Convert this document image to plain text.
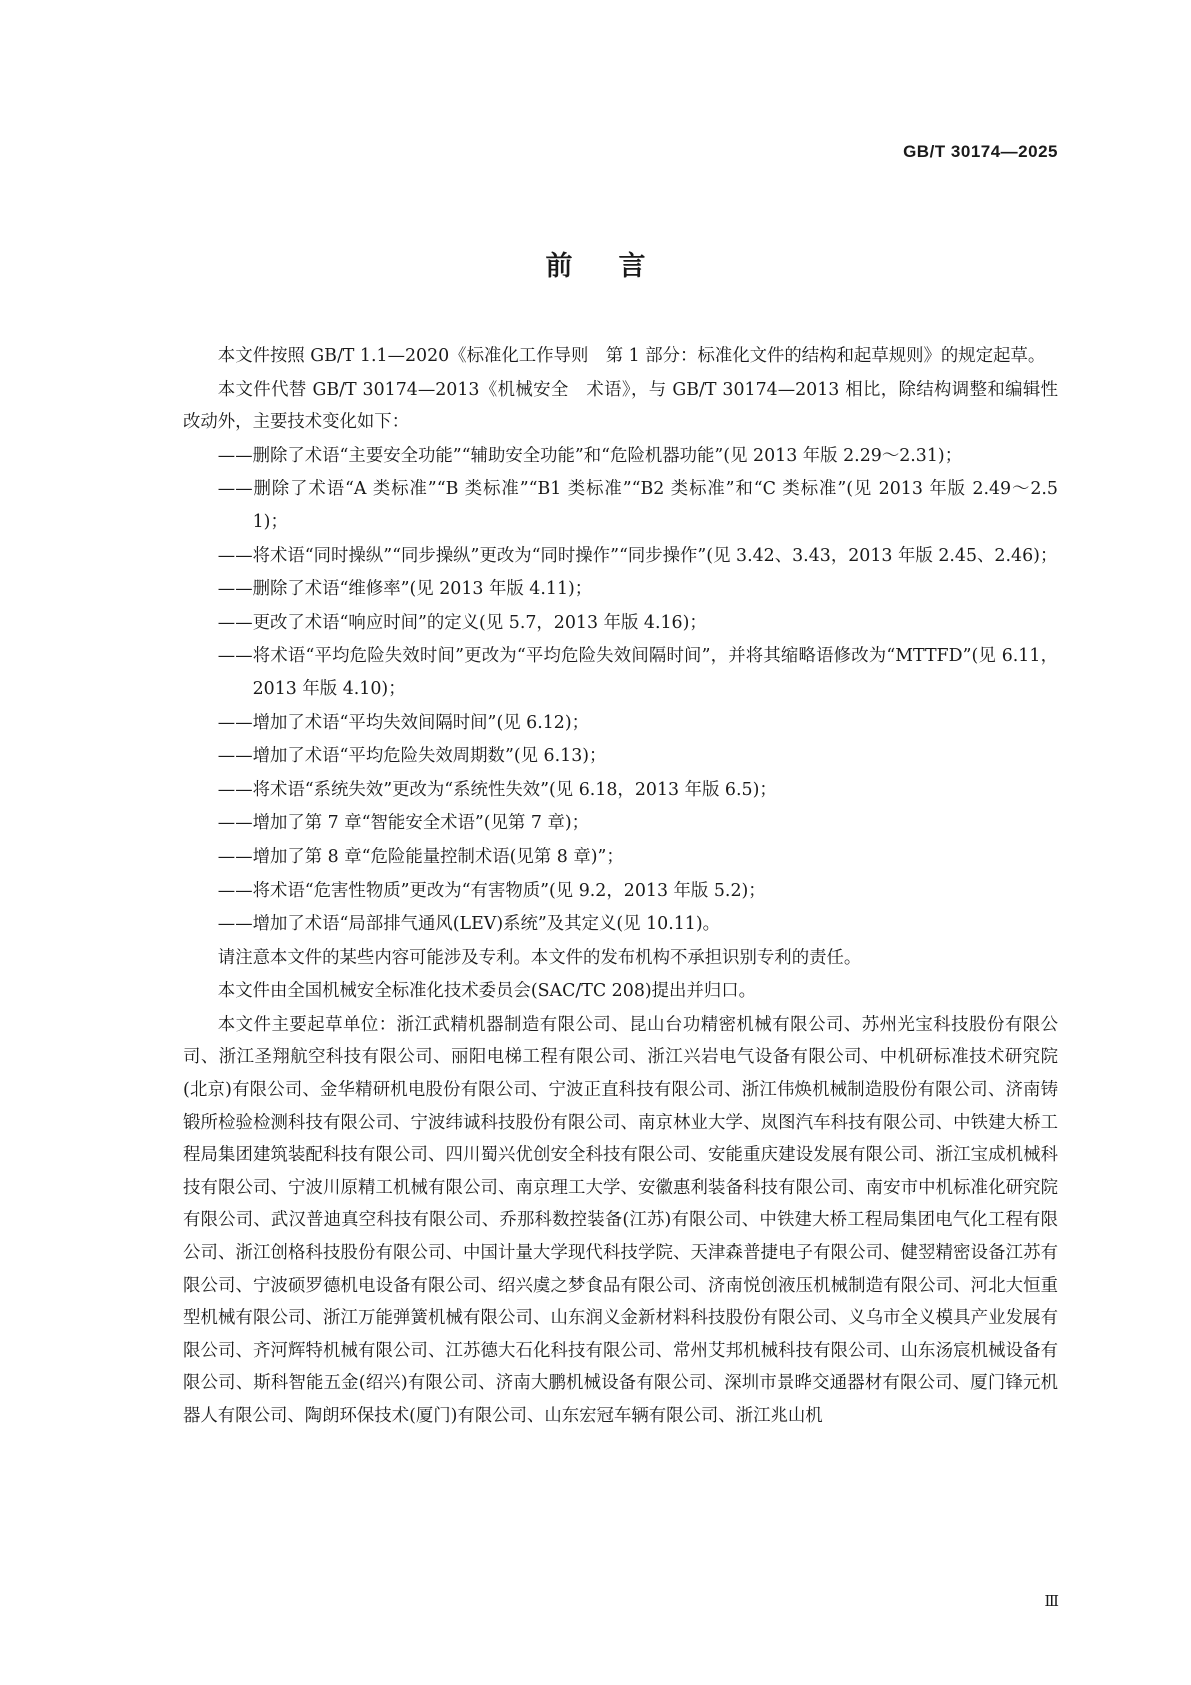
GB/T 30174—2025
前言

本文件按照 GB/T 1.1—2020《标准化工作导则　第 1 部分：标准化文件的结构和起草规则》的规定起草。

本文件代替 GB/T 30174—2013《机械安全　术语》，与 GB/T 30174—2013 相比，除结构调整和编辑性改动外，主要技术变化如下：

——删除了术语“主要安全功能”“辅助安全功能”和“危险机器功能”(见 2013 年版 2.29～2.31)；

——删除了术语“A 类标准”“B 类标准”“B1 类标准”“B2 类标准”和“C 类标准”(见 2013 年版 2.49～2.51)；

——将术语“同时操纵”“同步操纵”更改为“同时操作”“同步操作”(见 3.42、3.43，2013 年版 2.45、2.46)；

——删除了术语“维修率”(见 2013 年版 4.11)；

——更改了术语“响应时间”的定义(见 5.7，2013 年版 4.16)；

——将术语“平均危险失效时间”更改为“平均危险失效间隔时间”，并将其缩略语修改为“MTTFD”(见 6.11，2013 年版 4.10)；

——增加了术语“平均失效间隔时间”(见 6.12)；

——增加了术语“平均危险失效周期数”(见 6.13)；

——将术语“系统失效”更改为“系统性失效”(见 6.18，2013 年版 6.5)；

——增加了第 7 章“智能安全术语”(见第 7 章)；

——增加了第 8 章“危险能量控制术语(见第 8 章)”；

——将术语“危害性物质”更改为“有害物质”(见 9.2，2013 年版 5.2)；

——增加了术语“局部排气通风(LEV)系统”及其定义(见 10.11)。

请注意本文件的某些内容可能涉及专利。本文件的发布机构不承担识别专利的责任。

本文件由全国机械安全标准化技术委员会(SAC/TC 208)提出并归口。

本文件主要起草单位：浙江武精机器制造有限公司、昆山台功精密机械有限公司、苏州光宝科技股份有限公司、浙江圣翔航空科技有限公司、丽阳电梯工程有限公司、浙江兴岩电气设备有限公司、中机研标准技术研究院(北京)有限公司、金华精研机电股份有限公司、宁波正直科技有限公司、浙江伟焕机械制造股份有限公司、济南铸锻所检验检测科技有限公司、宁波纬诚科技股份有限公司、南京林业大学、岚图汽车科技有限公司、中铁建大桥工程局集团建筑装配科技有限公司、四川蜀兴优创安全科技有限公司、安能重庆建设发展有限公司、浙江宝成机械科技有限公司、宁波川原精工机械有限公司、南京理工大学、安徽惠利装备科技有限公司、南安市中机标准化研究院有限公司、武汉普迪真空科技有限公司、乔那科数控装备(江苏)有限公司、中铁建大桥工程局集团电气化工程有限公司、浙江创格科技股份有限公司、中国计量大学现代科技学院、天津森普捷电子有限公司、健翌精密设备江苏有限公司、宁波硕罗德机电设备有限公司、绍兴虞之梦食品有限公司、济南悦创液压机械制造有限公司、河北大恒重型机械有限公司、浙江万能弹簧机械有限公司、山东润义金新材料科技股份有限公司、义乌市全义模具产业发展有限公司、齐河辉特机械有限公司、江苏德大石化科技有限公司、常州艾邦机械科技有限公司、山东汤宸机械设备有限公司、斯科智能五金(绍兴)有限公司、济南大鹏机械设备有限公司、深圳市景晔交通器材有限公司、厦门锋元机器人有限公司、陶朗环保技术(厦门)有限公司、山东宏冠车辆有限公司、浙江兆山机

Ⅲ
